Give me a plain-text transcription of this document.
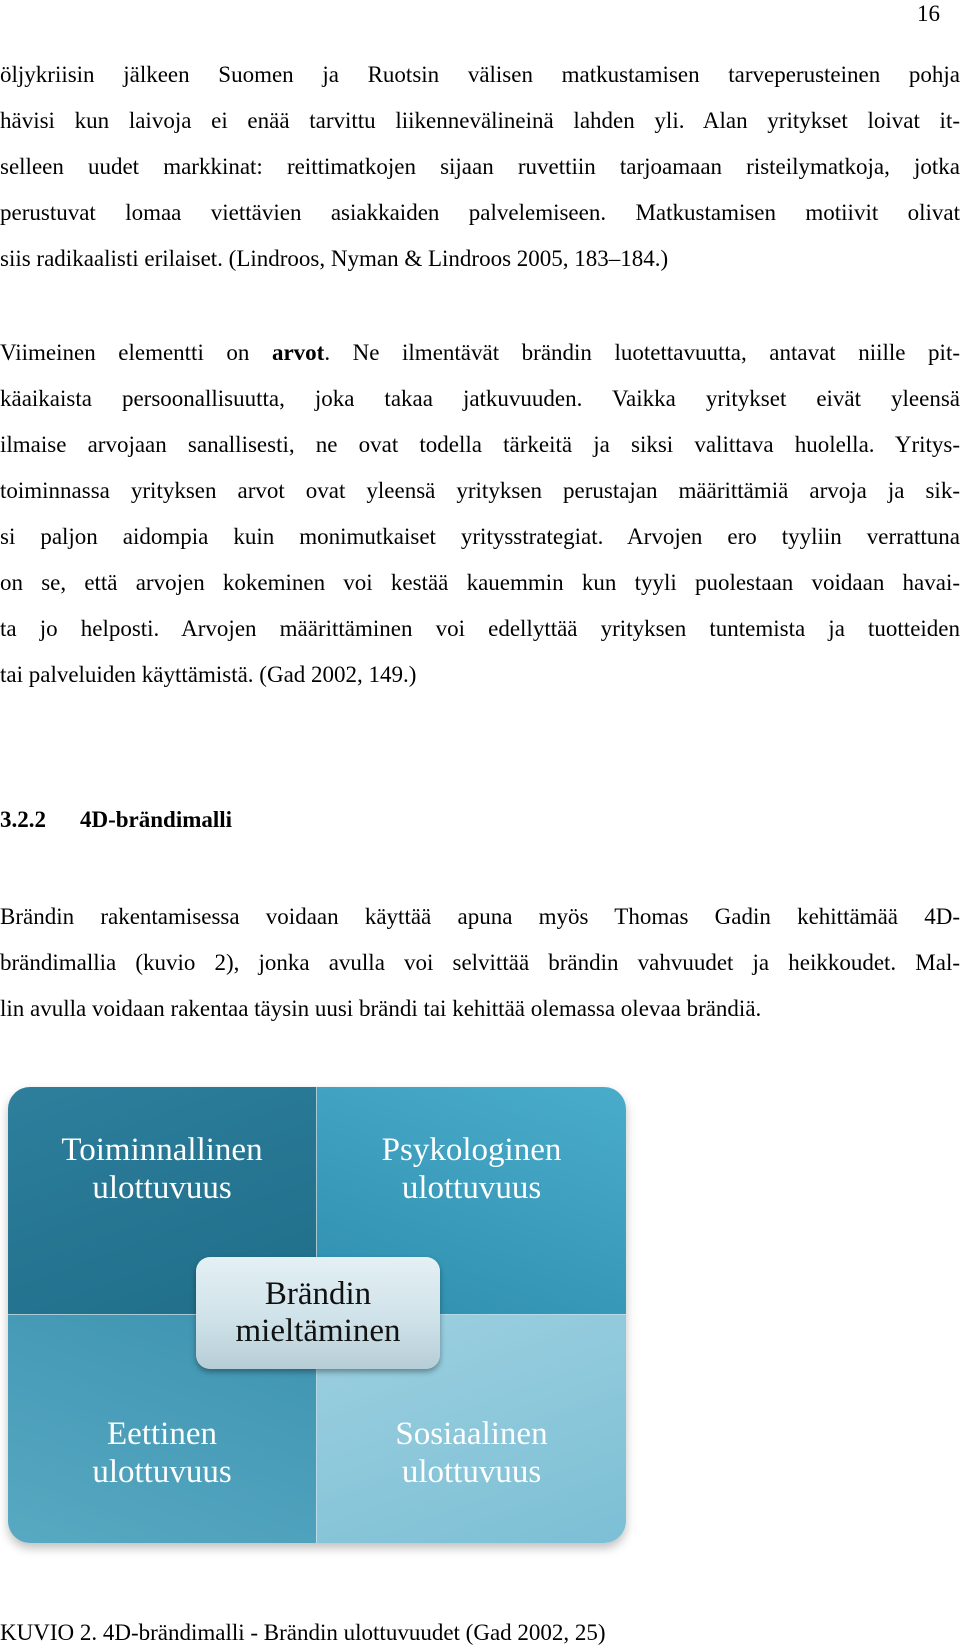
16
öljykriisin jälkeen Suomen ja Ruotsin välisen matkustamisen tarveperusteinen pohja
hävisi kun laivoja ei enää tarvittu liikennevälineinä lahden yli. Alan yritykset loivat it-
selleen uudet markkinat: reittimatkojen sijaan ruvettiin tarjoamaan risteilymatkoja, jotka
perustuvat lomaa viettävien asiakkaiden palvelemiseen. Matkustamisen motiivit olivat
siis radikaalisti erilaiset. (Lindroos, Nyman & Lindroos 2005, 183–184.)
Viimeinen elementti on arvot. Ne ilmentävät brändin luotettavuutta, antavat niille pit-
käaikaista persoonallisuutta, joka takaa jatkuvuuden. Vaikka yritykset eivät yleensä
ilmaise arvojaan sanallisesti, ne ovat todella tärkeitä ja siksi valittava huolella. Yritys-
toiminnassa yrityksen arvot ovat yleensä yrityksen perustajan määrittämiä arvoja ja sik-
si paljon aidompia kuin monimutkaiset yritysstrategiat. Arvojen ero tyyliin verrattuna
on se, että arvojen kokeminen voi kestää kauemmin kun tyyli puolestaan voidaan havai-
ta jo helposti. Arvojen määrittäminen voi edellyttää yrityksen tuntemista ja tuotteiden
tai palveluiden käyttämistä. (Gad 2002, 149.)
3.2.2 4D-brändimalli
Brändin rakentamisessa voidaan käyttää apuna myös Thomas Gadin kehittämää 4D-
brändimallia (kuvio 2), jonka avulla voi selvittää brändin vahvuudet ja heikkoudet. Mal-
lin avulla voidaan rakentaa täysin uusi brändi tai kehittää olemassa olevaa brändiä.
Toiminnallinen
ulottuvuus
Psykologinen
ulottuvuus
Eettinen
ulottuvuus
Sosiaalinen
ulottuvuus
Brändin
mieltäminen
KUVIO 2. 4D-brändimalli - Brändin ulottuvuudet (Gad 2002, 25)
